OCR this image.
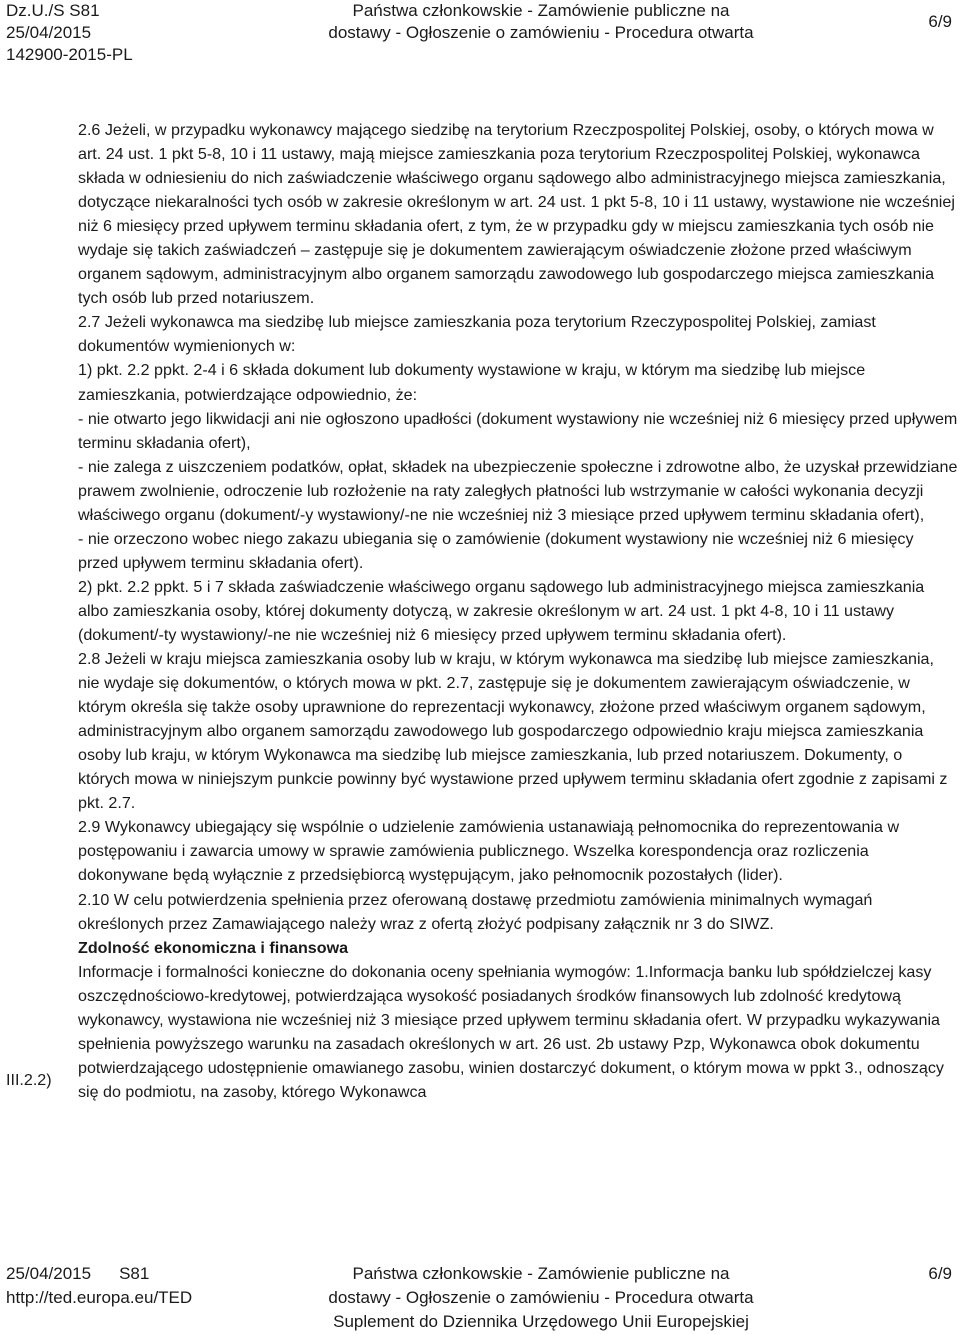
Dz.U./S S81
25/04/2015
142900-2015-PL
Państwa członkowskie - Zamówienie publiczne na
dostawy - Ogłoszenie o zamówieniu - Procedura otwarta
6/9

2.6 Jeżeli, w przypadku wykonawcy mającego siedzibę na terytorium Rzeczpospolitej Polskiej, osoby, o których mowa w art. 24 ust. 1 pkt 5-8, 10 i 11 ustawy, mają miejsce zamieszkania poza terytorium Rzeczpospolitej Polskiej, wykonawca składa w odniesieniu do nich zaświadczenie właściwego organu sądowego albo administracyjnego miejsca zamieszkania, dotyczące niekaralności tych osób w zakresie określonym w art. 24 ust. 1 pkt 5-8, 10 i 11 ustawy, wystawione nie wcześniej niż 6 miesięcy przed upływem terminu składania ofert, z tym, że w przypadku gdy w miejscu zamieszkania tych osób nie wydaje się takich zaświadczeń – zastępuje się je dokumentem zawierającym oświadczenie złożone przed właściwym organem sądowym, administracyjnym albo organem samorządu zawodowego lub gospodarczego miejsca zamieszkania tych osób lub przed notariuszem.

2.7 Jeżeli wykonawca ma siedzibę lub miejsce zamieszkania poza terytorium Rzeczypospolitej Polskiej, zamiast dokumentów wymienionych w:

1) pkt. 2.2 ppkt. 2-4 i 6 składa dokument lub dokumenty wystawione w kraju, w którym ma siedzibę lub miejsce zamieszkania, potwierdzające odpowiednio, że:

- nie otwarto jego likwidacji ani nie ogłoszono upadłości (dokument wystawiony nie wcześniej niż 6 miesięcy przed upływem terminu składania ofert),

- nie zalega z uiszczeniem podatków, opłat, składek na ubezpieczenie społeczne i zdrowotne albo, że uzyskał przewidziane prawem zwolnienie, odroczenie lub rozłożenie na raty zaległych płatności lub wstrzymanie w całości wykonania decyzji właściwego organu (dokument/-y wystawiony/-ne nie wcześniej niż 3 miesiące przed upływem terminu składania ofert),

- nie orzeczono wobec niego zakazu ubiegania się o zamówienie (dokument wystawiony nie wcześniej niż 6 miesięcy przed upływem terminu składania ofert).

2) pkt. 2.2 ppkt. 5 i 7 składa zaświadczenie właściwego organu sądowego lub administracyjnego miejsca zamieszkania albo zamieszkania osoby, której dokumenty dotyczą, w zakresie określonym w art. 24 ust. 1 pkt 4-8, 10 i 11 ustawy (dokument/-ty wystawiony/-ne nie wcześniej niż 6 miesięcy przed upływem terminu składania ofert).

2.8 Jeżeli w kraju miejsca zamieszkania osoby lub w kraju, w którym wykonawca ma siedzibę lub miejsce zamieszkania, nie wydaje się dokumentów, o których mowa w pkt. 2.7, zastępuje się je dokumentem zawierającym oświadczenie, w którym określa się także osoby uprawnione do reprezentacji wykonawcy, złożone przed właściwym organem sądowym, administracyjnym albo organem samorządu zawodowego lub gospodarczego odpowiednio kraju miejsca zamieszkania osoby lub kraju, w którym Wykonawca ma siedzibę lub miejsce zamieszkania, lub przed notariuszem. Dokumenty, o których mowa w niniejszym punkcie powinny być wystawione przed upływem terminu składania ofert zgodnie z zapisami z pkt. 2.7.

2.9 Wykonawcy ubiegający się wspólnie o udzielenie zamówienia ustanawiają pełnomocnika do reprezentowania w postępowaniu i zawarcia umowy w sprawie zamówienia publicznego. Wszelka korespondencja oraz rozliczenia dokonywane będą wyłącznie z przedsiębiorcą występującym, jako pełnomocnik pozostałych (lider).

2.10 W celu potwierdzenia spełnienia przez oferowaną dostawę przedmiotu zamówienia minimalnych wymagań określonych przez Zamawiającego należy wraz z ofertą złożyć podpisany załącznik nr 3 do SIWZ.

Zdolność ekonomiczna i finansowa

Informacje i formalności konieczne do dokonania oceny spełniania wymogów: 1.Informacja banku lub spółdzielczej kasy oszczędnościowo-kredytowej, potwierdzająca wysokość posiadanych środków finansowych lub zdolność kredytową wykonawcy, wystawiona nie wcześniej niż 3 miesiące przed upływem terminu składania ofert. W przypadku wykazywania spełnienia powyższego warunku na zasadach określonych w art. 26 ust. 2b ustawy Pzp, Wykonawca obok dokumentu potwierdzającego udostępnienie omawianego zasobu, winien dostarczyć dokument, o którym mowa w ppkt 3., odnoszący się do podmiotu, na zasoby, którego Wykonawca

III.2.2)
25/04/2015 S81
http://ted.europa.eu/TED
Państwa członkowskie - Zamówienie publiczne na
dostawy - Ogłoszenie o zamówieniu - Procedura otwarta
Suplement do Dziennika Urzędowego Unii Europejskiej
6/9
